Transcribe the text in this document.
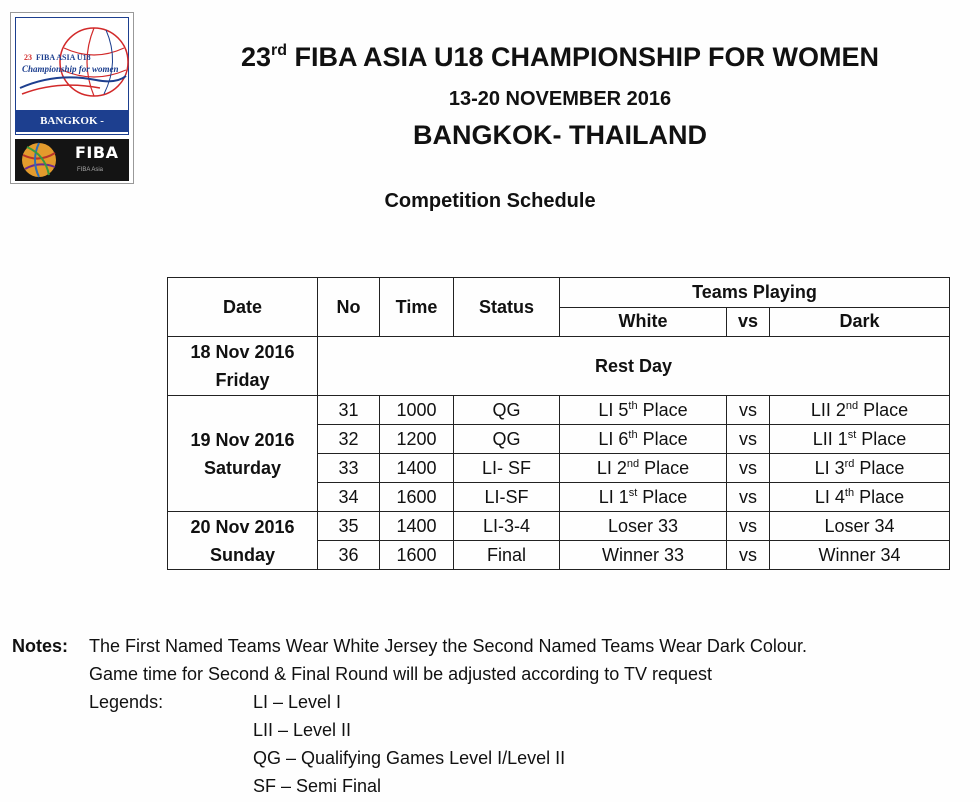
23 FIBA ASIA U18
Championship for women
BANGKOK -
FIBA
FIBA Asia
23rd FIBA ASIA U18 CHAMPIONSHIP FOR WOMEN
13-20 NOVEMBER 2016
BANGKOK- THAILAND
Competition Schedule
Date	No	Time	Status	Teams Playing		
				White	vs	Dark

18 Nov 2016
Friday	Rest Day					

19 Nov 2016
Saturday	31	1000	QG	LI 5th Place	vs	LII 2nd Place
	32	1200	QG	LI 6th Place	vs	LII 1st Place
	33	1400	LI- SF	LI 2nd Place	vs	LI 3rd Place
	34	1600	LI-SF	LI 1st Place	vs	LI 4th Place

20 Nov 2016
Sunday	35	1400	LI-3-4	Loser 33	vs	Loser 34
	36	1600	Final	Winner 33	vs	Winner 34
Notes: The First Named Teams Wear White Jersey the Second Named Teams Wear Dark Colour.
Game time for Second & Final Round will be adjusted according to TV request
Legends:	LI – Level I
LII – Level II
QG – Qualifying Games Level I/Level II
SF – Semi Final
